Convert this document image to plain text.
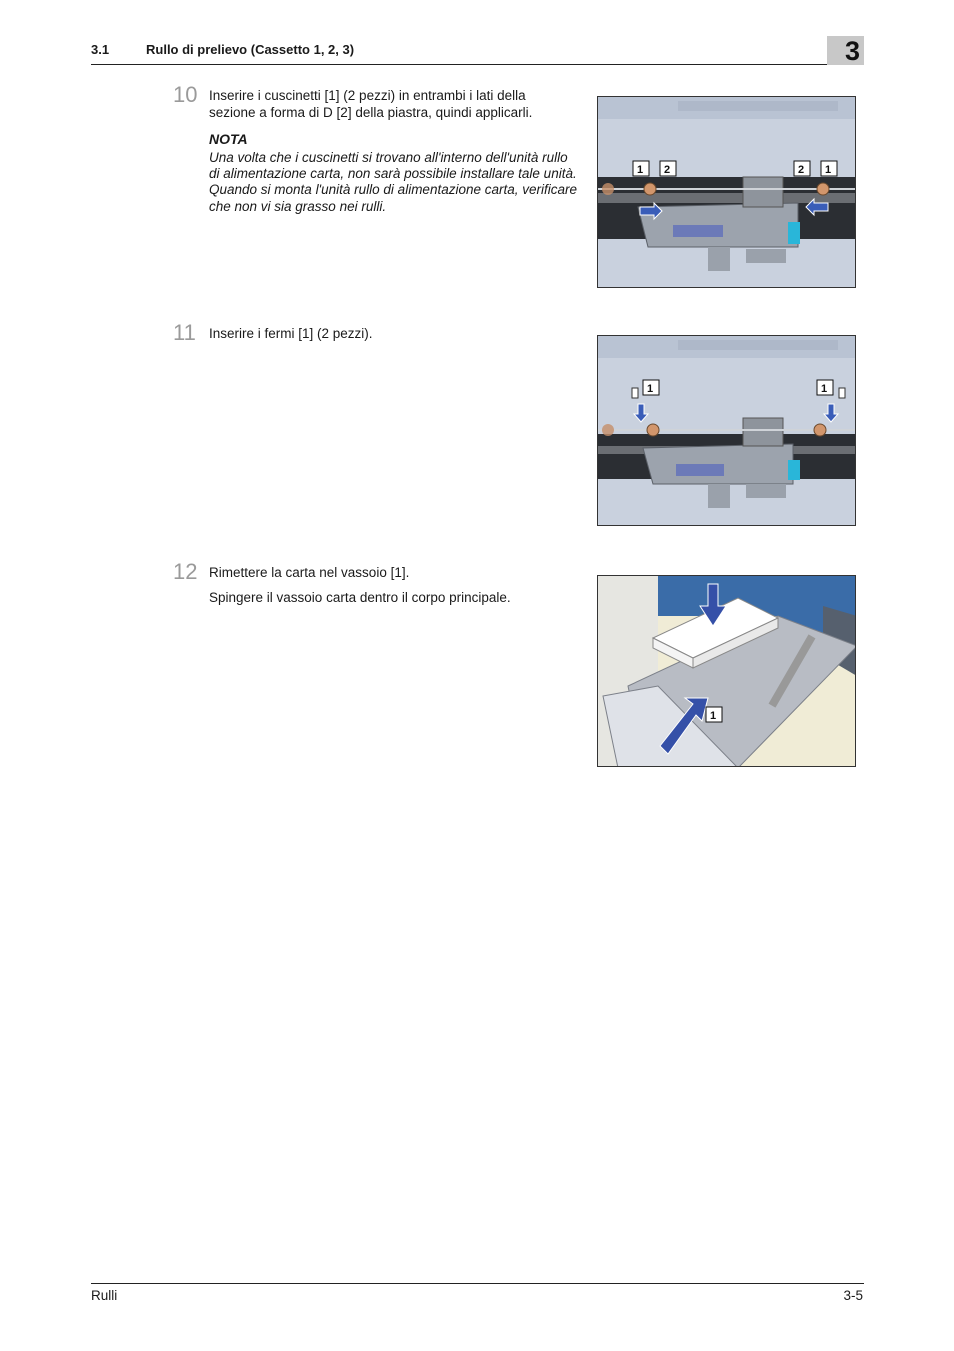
3.1	Rullo di prelievo (Cassetto 1, 2, 3)	3
10 Inserire i cuscinetti [1] (2 pezzi) in entrambi i lati della sezione a forma di D [2] della piastra, quindi applicarli.
NOTA
Una volta che i cuscinetti si trovano all'interno dell'unità rullo di alimentazione carta, non sarà possibile installare tale unità.
Quando si monta l'unità rullo di alimentazione carta, verificare che non vi sia grasso nei rulli.
1 2	2 1
11 Inserire i fermi [1] (2 pezzi).
1	1
12 Rimettere la carta nel vassoio [1].
Spingere il vassoio carta dentro il corpo principale.
1
Rulli	3-5
